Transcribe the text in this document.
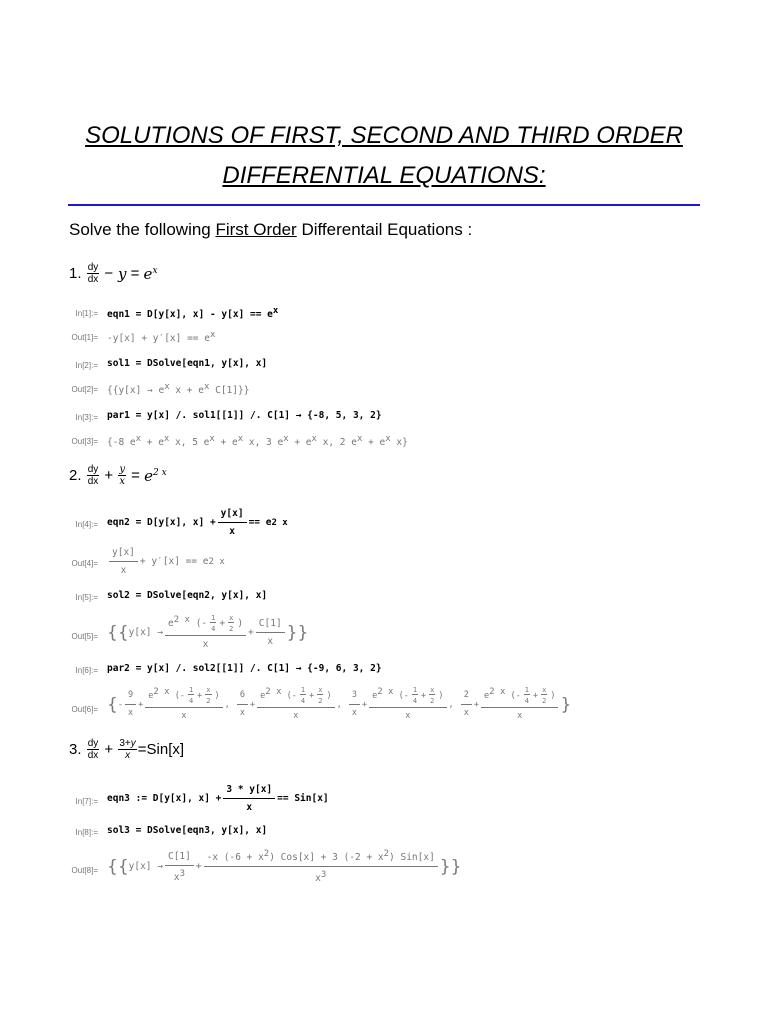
SOLUTIONS OF FIRST, SECOND AND THIRD ORDER
DIFFERENTIAL EQUATIONS:
Solve the following First Order Differentail Equations :
1.
$\frac{dy}{dx} - y = e^x$
In[1]:= eqn1 = D[y[x], $x] - y[x] == e^x$
$Out[1]= -y[x] + y'[x] == e^x$
In[2]:= sol1 = DSolve[eqn1, y[x], x]
$Out[2]= \{\{y[x] \to e^x$ $x + e^x$ C[1]}}
In[3]:= par1 = y[x] /. sol1[[1]] /. C[1] → {-8, 5, 3, 2}
Out[3]= {-8 $e^x + e^x$ x, 5 $e^x + e^x$ x, 3 $e^x + e^x$ x, 2 $e^x + e^x$ x}
2.
$\frac{dy}{dx} + \frac{y}{x} = e^{2 x}$
In[4]:= eqn2 = D[y[x], $x] + \frac{y[x]}{x} == e$ 2 x
$Out[4]= \frac{y[x]}{x} + y'[x] == e$ 2 x
In[5]:= sol2 = DSolve[eqn2, y[x], x]
Out[5]= {{ $y[x] \to \frac{e^{2 x} (- \frac{1}{4} + \frac{x}{2} )}{x} + \frac{C[1]}{x}$ }}
In[6]:= par2 = y[x] /. sol2[[1]] /. C[1] → {-9, 6, 3, 2}
Out[6]= { - $\frac{9}{x} + \frac{e^{2 x} (- \frac{1}{4} + \frac{x}{2} )}{x}$ , $\frac{6}{x} + \frac{e^{2 x} (- \frac{1}{4} + \frac{x}{2} )}{x}$ , $\frac{3}{x} + \frac{e^{2 x} (- \frac{1}{4} + \frac{x}{2} )}{x}$ , $\frac{2}{x} + \frac{e^{2 x} (- \frac{1}{4} + \frac{x}{2} )}{x}$ }
3.
$\frac{dy}{dx} + \frac{3+y}{x} =Sin[x]$
In[7]:= eqn3 := D[y[x], $x] + \frac{3 * y[x]}{x} == Sin[x]$
In[8]:= sol3 = DSolve[eqn3, y[x], x]
Out[8]= {{ $y[x] \to \frac{C[1]}{x^3} + \frac{-x (-6 + x^2) Cos[x] + 3 (-2 + x^2) Sin[x]}{x^3}$ }}
